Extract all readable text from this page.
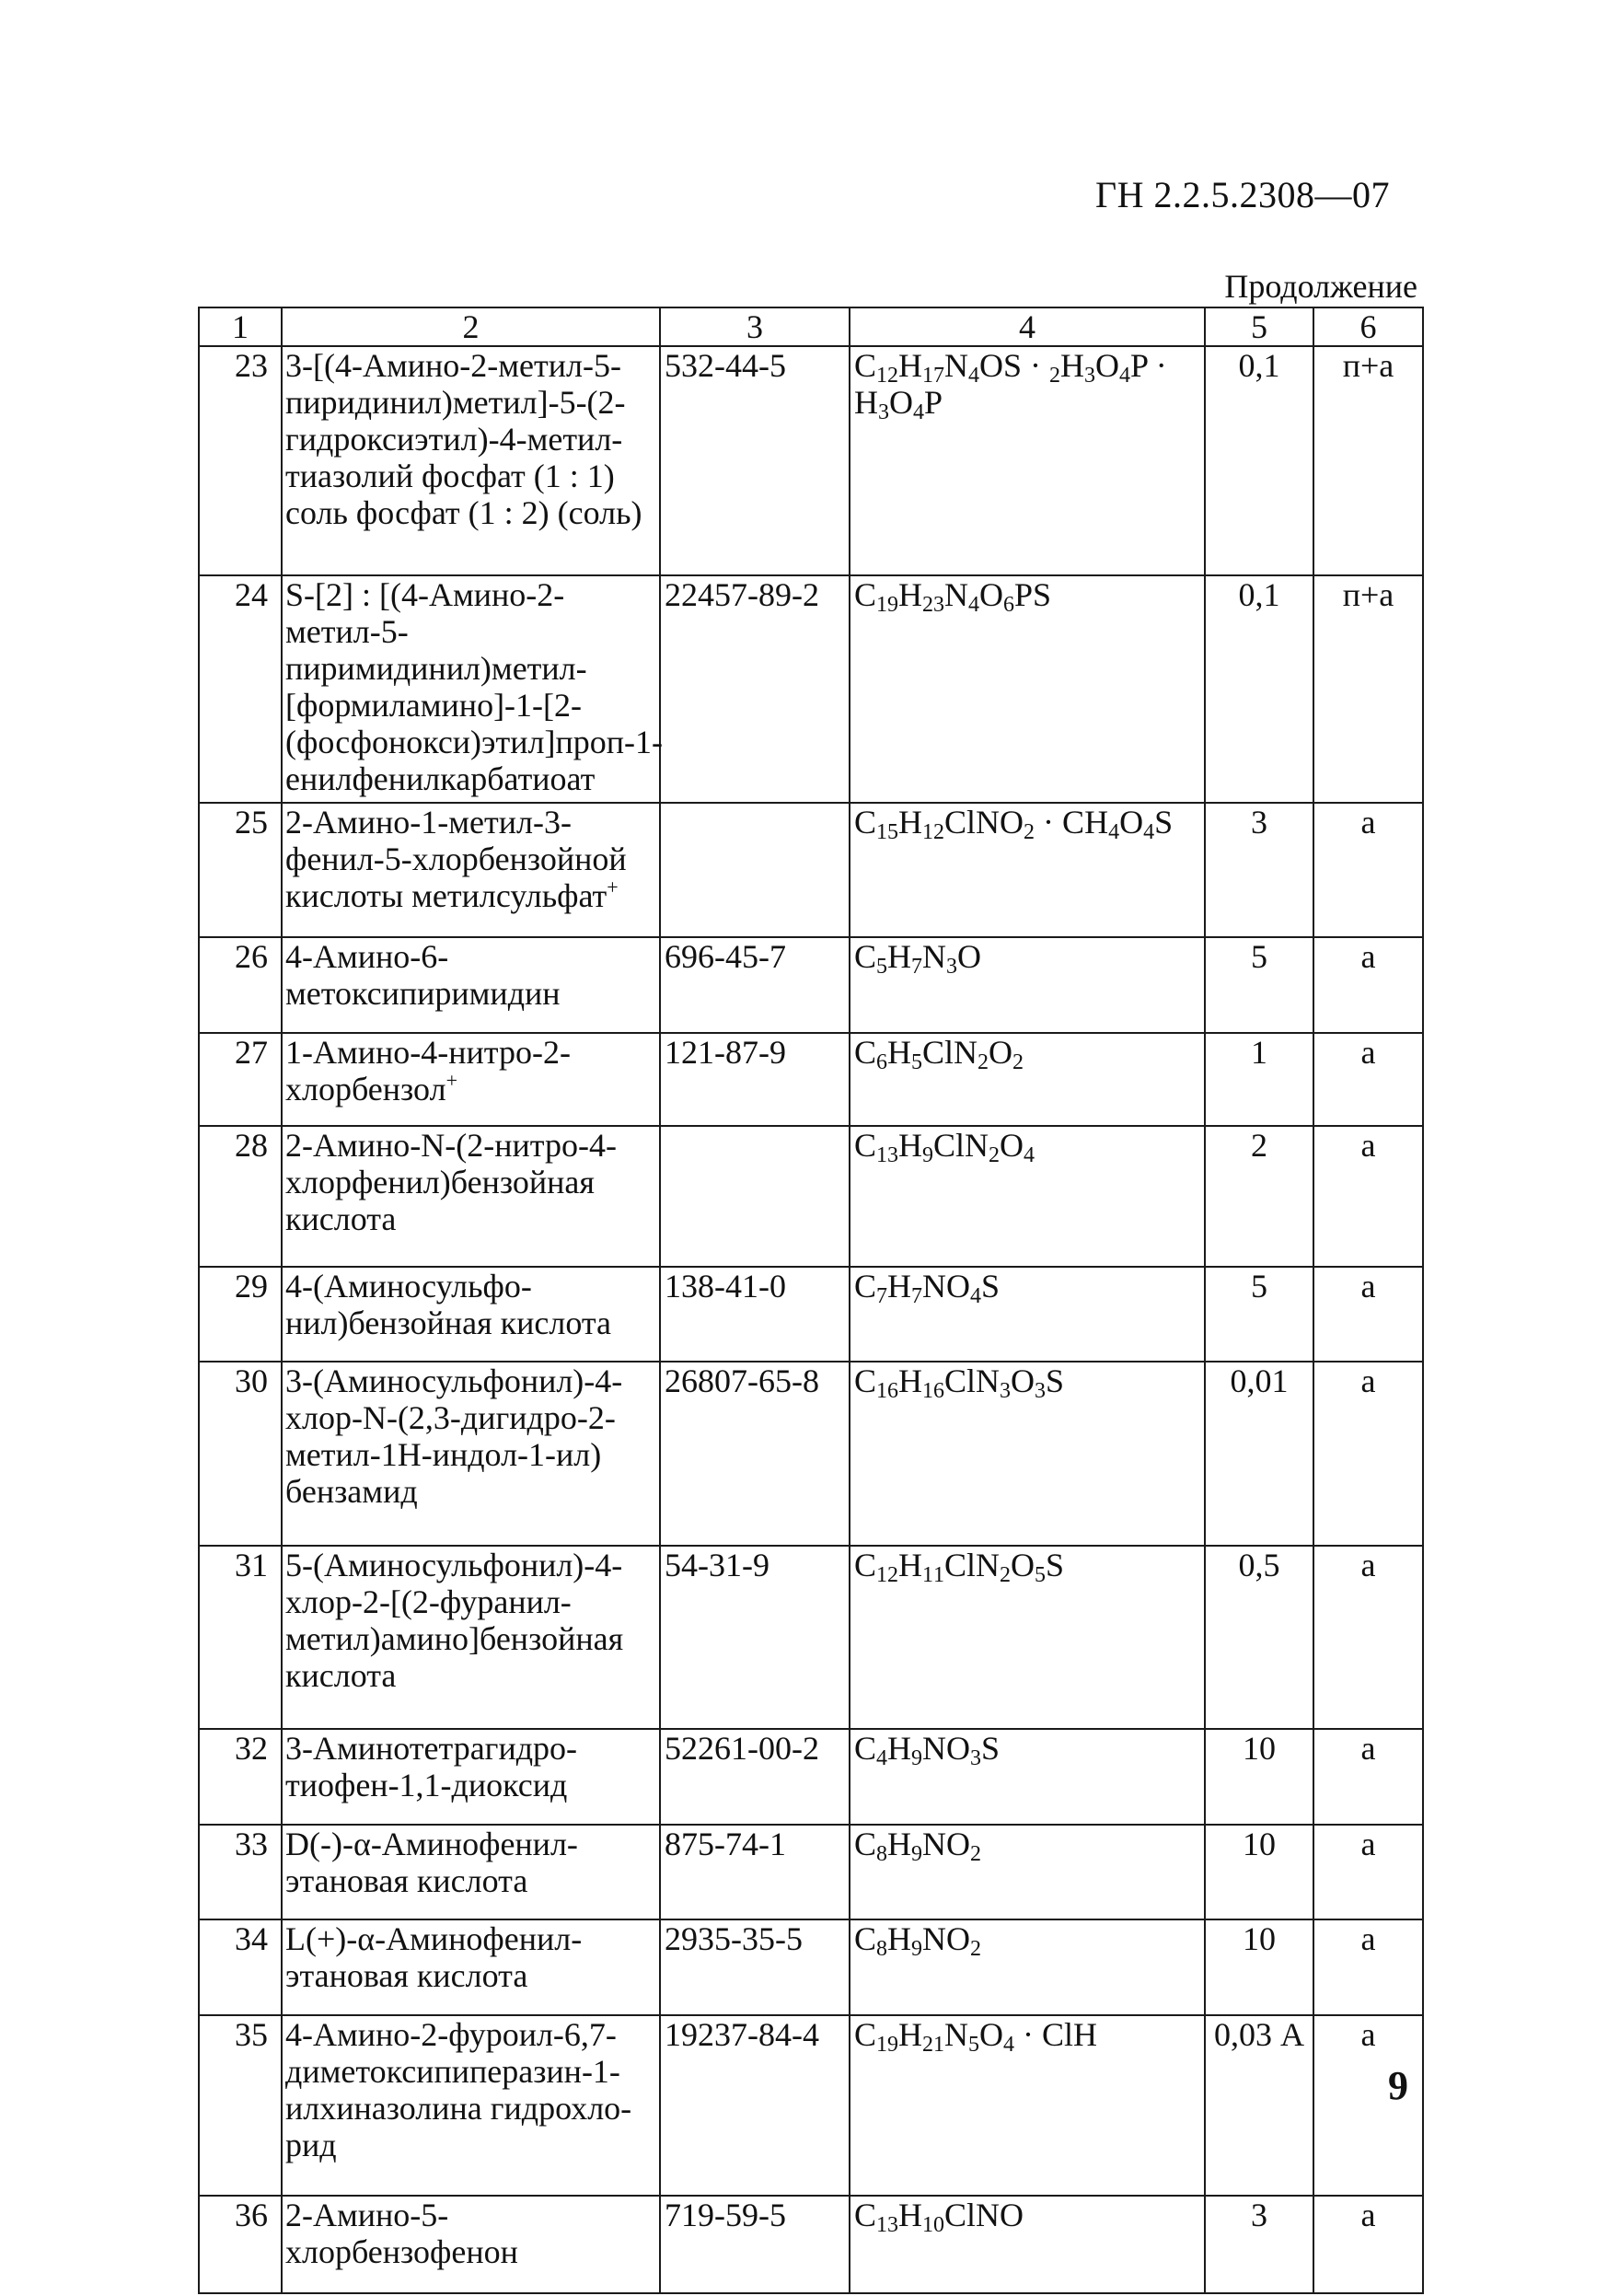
ГН 2.2.5.2308—07
Продолжение
1	2	3	4	5	6
23	3-[(4-Амино-2-метил-5-пиридинил)метил]-5-(2-гидроксиэтил)-4-метил-тиазолий фосфат (1 : 1) соль фосфат (1 : 2) (соль)	532-44-5	$C_{12}H_{17}N_4OS \cdot _2H_3O_4P \cdot H_3O_4P$	0,1	п+а
24	S-[2] : [(4-Амино-2-метил-5-пиримидинил)метил-[формиламино]-1-[2-(фосфонокси)этил]проп-1-енилфенилкарбатиоат	22457-89-2	$C_{19}H_{23}N_4O_6PS$	0,1	п+а
25	2-Амино-1-метил-3-фенил-5-хлорбензойной кислоты метилсульфат+		$C_{15}H_{12}ClNO_2 \cdot CH_4O_4S$	3	а
26	4-Амино-6-метоксипиримидин	696-45-7	$C_5H_7N_3O$	5	а
27	1-Амино-4-нитро-2-хлорбензол+	121-87-9	$C_6H_5ClN_2O_2$	1	а
28	2-Амино-N-(2-нитро-4-хлорфенил)бензойная кислота		$C_{13}H_9ClN_2O_4$	2	а
29	4-(Аминосульфо-нил)бензойная кислота	138-41-0	$C_7H_7NO_4S$	5	а
30	3-(Аминосульфонил)-4-хлор-N-(2,3-дигидро-2-метил-1H-индол-1-ил) бензамид	26807-65-8	$C_{16}H_{16}ClN_3O_3S$	0,01	а
31	5-(Аминосульфонил)-4-хлор-2-[(2-фуранил-метил)амино]бензойная кислота	54-31-9	$C_{12}H_{11}ClN_2O_5S$	0,5	а
32	3-Аминотетрагидро-тиофен-1,1-диоксид	52261-00-2	$C_4H_9NO_3S$	10	а
33	D(-)-α-Аминофенил-этановая кислота	875-74-1	$C_8H_9NO_2$	10	а
34	L(+)-α-Аминофенил-этановая кислота	2935-35-5	$C_8H_9NO_2$	10	а
35	4-Амино-2-фуроил-6,7-диметоксипиперазин-1-илхиназолина гидрохло-рид	19237-84-4	$C_{19}H_{21}N_5O_4$ · ClH	0,03 А	а
36	2-Амино-5-хлорбензофенон	719-59-5	$C_{13}H_{10}ClNO$	3	а
9
